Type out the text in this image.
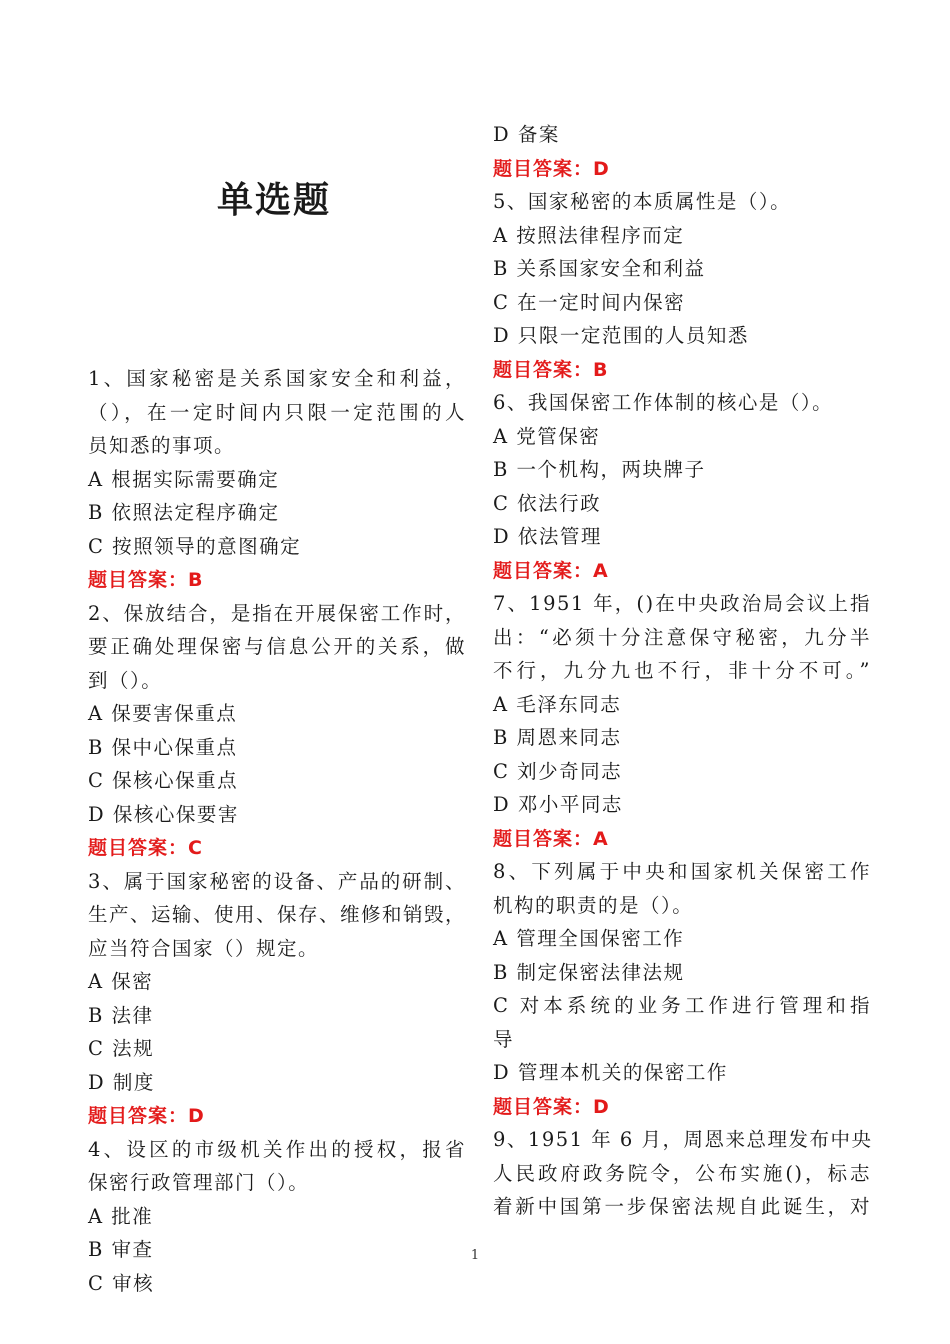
单选题
1、国家秘密是关系国家安全和利益，
（），在一定时间内只限一定范围的人
员知悉的事项。
A 根据实际需要确定
B 依照法定程序确定
C 按照领导的意图确定
题目答案：B
2、保放结合，是指在开展保密工作时，
要正确处理保密与信息公开的关系，做
到（）。
A 保要害保重点
B 保中心保重点
C 保核心保重点
D 保核心保要害
题目答案：C
3、属于国家秘密的设备、产品的研制、
生产、运输、使用、保存、维修和销毁，
应当符合国家（）规定。
A 保密
B 法律
C 法规
D 制度
题目答案：D
4、设区的市级机关作出的授权，报省
保密行政管理部门（）。
A 批准
B 审查
C 审核
D 备案
题目答案：D
5、国家秘密的本质属性是（）。
A 按照法律程序而定
B 关系国家安全和利益
C 在一定时间内保密
D 只限一定范围的人员知悉
题目答案：B
6、我国保密工作体制的核心是（）。
A 党管保密
B 一个机构，两块牌子
C 依法行政
D 依法管理
题目答案：A
7、1951 年，()在中央政治局会议上指
出：“必须十分注意保守秘密，九分半
不行，九分九也不行，非十分不可。”
A 毛泽东同志
B 周恩来同志
C 刘少奇同志
D 邓小平同志
题目答案：A
8、下列属于中央和国家机关保密工作
机构的职责的是（）。
A 管理全国保密工作
B 制定保密法律法规
C 对本系统的业务工作进行管理和指
导
D 管理本机关的保密工作
题目答案：D
9、1951 年 6 月，周恩来总理发布中央
人民政府政务院令，公布实施()，标志
着新中国第一步保密法规自此诞生，对
1
